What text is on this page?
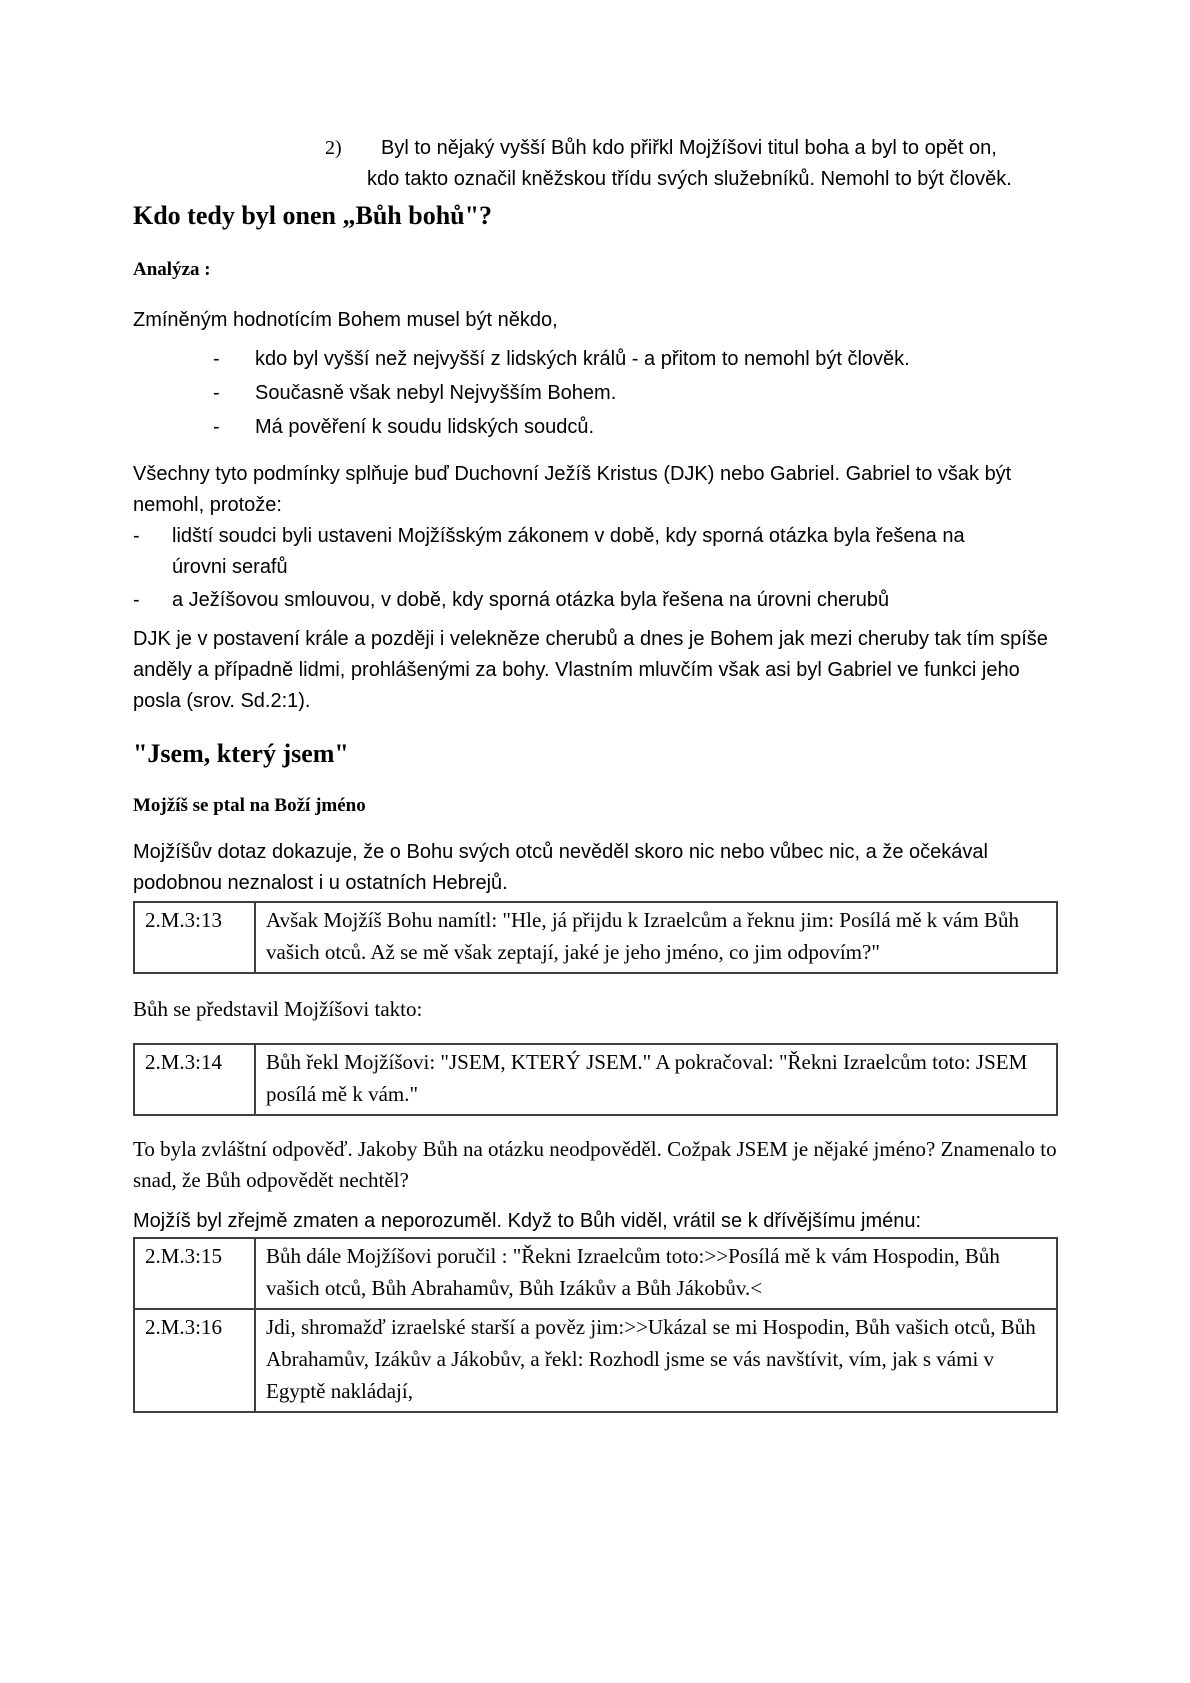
2)	Byl to nějaký vyšší Bůh kdo přiřkl Mojžíšovi titul boha a byl to opět on, kdo takto označil kněžskou třídu svých služebníků. Nemohl to být člověk.
Kdo tedy byl onen „Bůh bohů"?
Analýza :

Zmíněným hodnotícím Bohem musel být někdo,

-	kdo byl vyšší než nejvyšší z lidských králů - a přitom to nemohl být člověk.
-	Současně však nebyl Nejvyšším Bohem.
-	Má pověření k soudu lidských soudců.

Všechny tyto podmínky splňuje buď Duchovní Ježíš Kristus (DJK) nebo Gabriel. Gabriel to však být nemohl, protože:

-	lidští soudci byli ustaveni Mojžíšským zákonem v době, kdy sporná otázka byla řešena na úrovni serafů
-	a Ježíšovou smlouvou, v době, kdy sporná otázka byla řešena na úrovni cherubů

DJK je v postavení krále a později i velekněze cherubů a dnes je Bohem jak mezi cheruby tak tím spíše anděly a případně lidmi, prohlášenými za bohy. Vlastním mluvčím však asi byl Gabriel ve funkci jeho posla (srov. Sd.2:1).

"Jsem, který jsem"
Mojžíš se ptal na Boží jméno

Mojžíšův dotaz dokazuje, že o Bohu svých otců nevěděl skoro nic nebo vůbec nic, a že očekával podobnou neznalost i u ostatních Hebrejů.

2.M.3:13	Avšak Mojžíš Bohu namítl: "Hle, já přijdu k Izraelcům a řeknu jim: Posílá mě k vám Bůh vašich otců. Až se mě však zeptají, jaké je jeho jméno, co jim odpovím?"

Bůh se představil Mojžíšovi takto:

2.M.3:14	Bůh řekl Mojžíšovi: "JSEM, KTERÝ JSEM." A pokračoval: "Řekni Izraelcům toto: JSEM posílá mě k vám."

To byla zvláštní odpověď. Jakoby Bůh na otázku neodpověděl. Cožpak JSEM je nějaké jméno? Znamenalo to snad, že Bůh odpovědět nechtěl?

Mojžíš byl zřejmě zmaten a neporozuměl. Když to Bůh viděl, vrátil se k dřívějšímu jménu:

2.M.3:15	Bůh dále Mojžíšovi poručil : "Řekni Izraelcům toto:>>Posílá mě k vám Hospodin, Bůh vašich otců, Bůh Abrahamův, Bůh Izákův a Bůh Jákobův.<
2.M.3:16	Jdi, shromažď izraelské starší a pověz jim:>>Ukázal se mi Hospodin, Bůh vašich otců, Bůh Abrahamův, Izákův a Jákobův, a řekl: Rozhodl jsme se vás navštívit, vím, jak s vámi v Egyptě nakládají,
